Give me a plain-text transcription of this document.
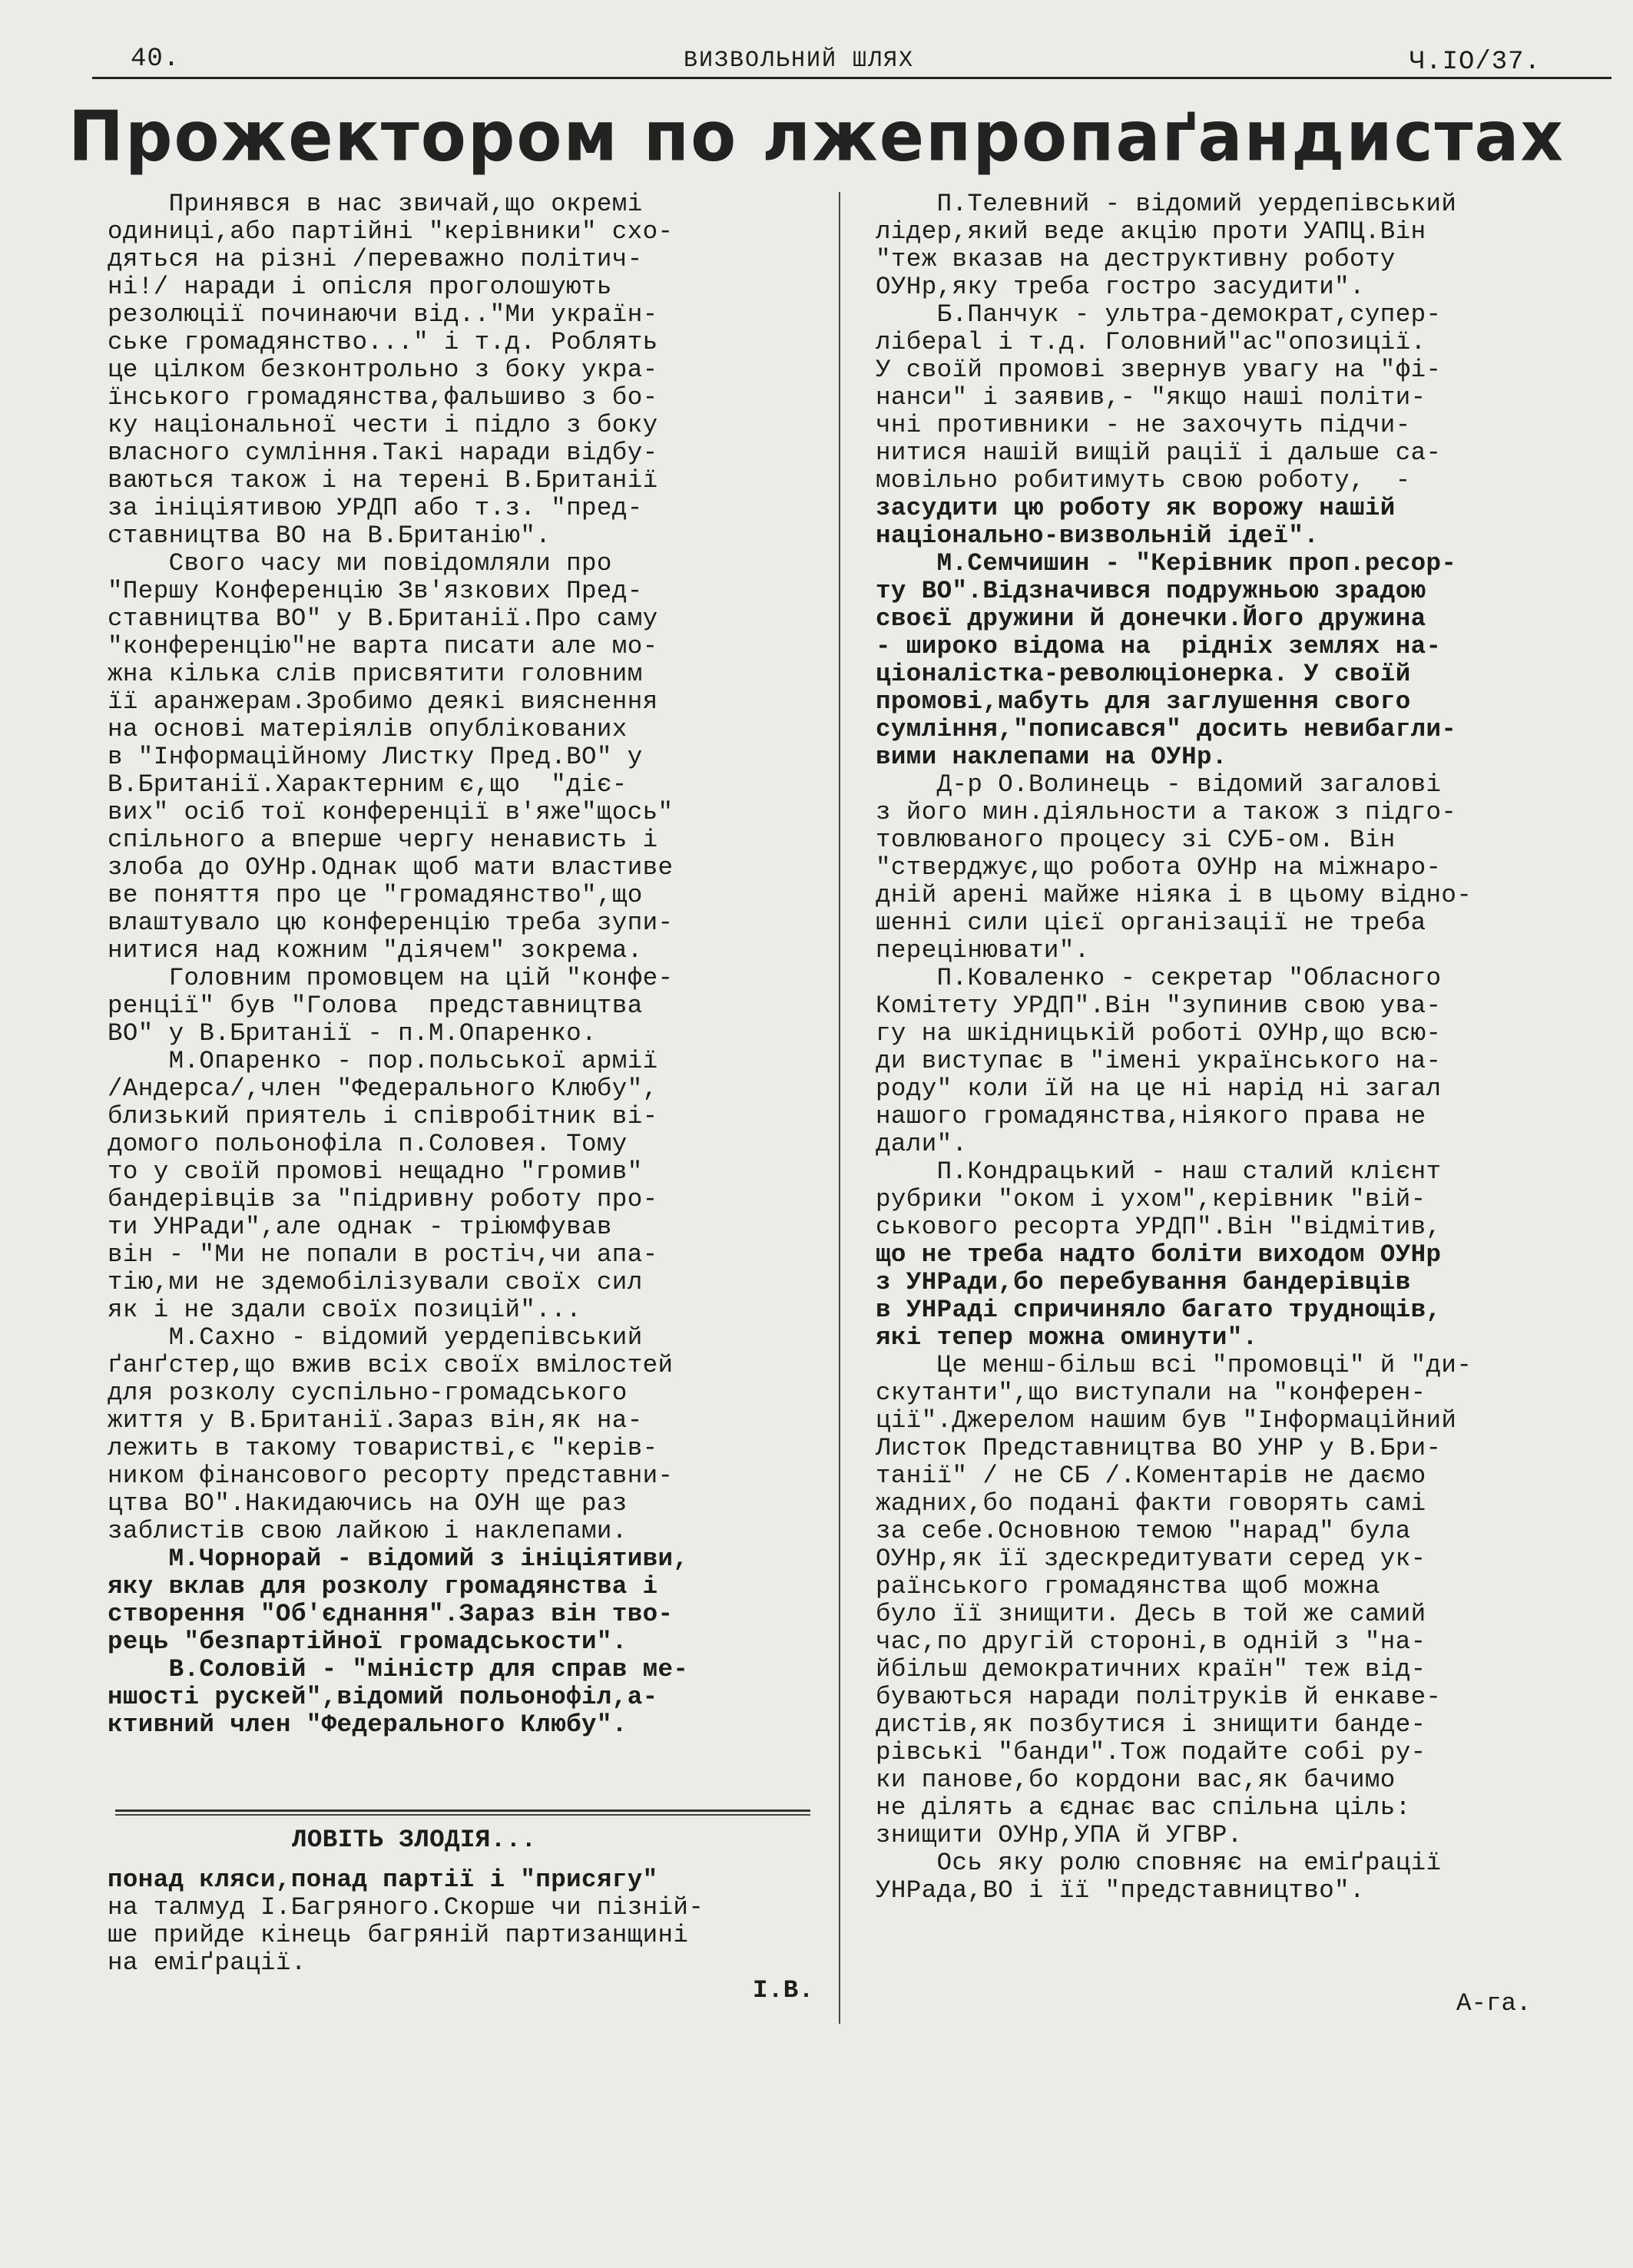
40.	ВИЗВОЛЬНИЙ ШЛЯХ	Ч.IO/37.
Прожектором по лжепропаґандистах

Принявся в нас звичай,що окремі

одиниці,або партійні "керівники" схо-

дяться на різні /переважно політич-

ні!/ наради і опісля проголошують

резолюції починаючи від.."Ми україн-

ське громадянство..." і т.д. Роблять

це цілком безконтрольно з боку укра-

їнського громадянства,фальшиво з бо-

ку національної чести і підло з боку

власного сумління.Такі наради відбу-

ваються також і на терені В.Британії

за ініціятивою УРДП або т.з. "пред-

ставництва ВО на В.Британію".

Свого часу ми повідомляли про

"Першу Конференцію Зв'язкових Пред-

ставництва ВО" у В.Британії.Про саму

"конференцію"не варта писати але мо-

жна кілька слів присвятити головним

її аранжерам.Зробимо деякі вияснення

на основі матеріялів опублікованих

в "Інформаційному Листку Пред.ВО" у

В.Британії.Характерним є,що  "діє-

вих" осіб тої конференції в'яже"щось"

спільного а вперше чергу ненависть і

злоба до ОУНр.Однак щоб мати властиве

ве поняття про це "громадянство",що

влаштувало цю конференцію треба зупи-

нитися над кожним "діячем" зокрема.

Головним промовцем на цій "конфе-

ренції" був "Голова  представництва

ВО" у В.Британії - п.М.Опаренко.

М.Опаренко - пор.польської армії

/Андерса/,член "Федерального Клюбу",

близький приятель і співробітник ві-

домого польонофіла п.Соловея. Тому

то у своїй промові нещадно "громив"

бандерівців за "підривну роботу про-

ти УНРади",але однак - тріюмфував

він - "Ми не попали в ростіч,чи апа-

тію,ми не здемобілізували своїх сил

як і не здали своїх позицій"...

М.Сахно - відомий уердепівський

ґанґстер,що вжив всіх своїх вмілостей

для розколу суспільно-громадського

життя у В.Британії.Зараз він,як на-

лежить в такому товаристві,є "керів-

ником фінансового ресорту представни-

цтва ВО".Накидаючись на ОУН ще раз

заблистів свою лайкою і наклепами.

М.Чорнорай - відомий з ініціятиви,

яку вклав для розколу громадянства і

створення "Об'єднання".Зараз він тво-

рець "безпартійної громадськости".

В.Соловій - "міністр для справ ме-

ншості рускей",відомий польонофіл,а-

ктивний член "Федерального Клюбу".

П.Телевний - відомий уердепівський

лідер,який веде акцію проти УАПЦ.Він

"теж вказав на деструктивну роботу

ОУНр,яку треба гостро засудити".

Б.Панчук - ультра-демократ,супер-

лібераl і т.д. Головний"ас"опозиції.

У своїй промові звернув увагу на "фі-

нанси" і заявив,- "якщо наші політи-

чні противники - не захочуть підчи-

нитися нашій вищій рації і дальше са-

мовільно робитимуть свою роботу,  -

засудити цю роботу як ворожу нашій

національно-визвольній ідеї".

М.Семчишин - "Керівник проп.ресор-

ту ВО".Відзначився подружньою зрадою

своєї дружини й донечки.Його дружина

- широко відома на  рідніх землях на-

ціоналістка-революціонерка. У своїй

промові,мабуть для заглушення свого

сумління,"пописався" досить невибагли-

вими наклепами на ОУНр.

Д-р О.Волинець - відомий загалові

з його мин.діяльности а також з підго-

товлюваного процесу зі СУБ-ом. Він

"стверджує,що робота ОУНр на міжнаро-

дній арені майже ніяка і в цьому відно-

шенні сили цієї організації не треба

перецінювати".

П.Коваленко - секретар "Обласного

Комітету УРДП".Він "зупинив свою ува-

гу на шкідницькій роботі ОУНр,що всю-

ди виступає в "імені українського на-

роду" коли їй на це ні нарід ні загал

нашого громадянства,ніякого права не

дали".

П.Кондрацький - наш сталий клієнт

рубрики "оком і ухом",керівник "вій-

ськового ресорта УРДП".Він "відмітив,

що не треба надто боліти виходом ОУНр

з УНРади,бо перебування бандерівців

в УНРаді спричиняло багато труднощів,

які тепер можна оминути".

Це менш-більш всі "промовці" й "ди-

скутанти",що виступали на "конферен-

ції".Джерелом нашим був "Інформаційний

Листок Представництва ВО УНР у В.Бри-

танії" / не СБ /.Коментарів не даємо

жадних,бо подані факти говорять самі

за себе.Основною темою "нарад" була

ОУНр,як її здескредитувати серед ук-

раїнського громадянства щоб можна

було її знищити. Десь в той же самий

час,по другій стороні,в одній з "на-

йбільш демократичних країн" теж від-

буваються наради політруків й енкаве-

дистів,як позбутися і знищити бандe-

рівські "банди".Тож подайте собі ру-

ки панове,бо кордони вас,як бачимо

не ділять а єднає вас спільна ціль:

знищити ОУНр,УПА й УГВР.

Ось яку ролю сповняє на еміґрації

УНРада,ВО і її "представництво".

ЛОВІТЬ ЗЛОДІЯ...

понад кляси,понад партії і "присягу"

на талмуд I.Багряного.Скорше чи пізній-

ше прийде кінець багряній партизанщині

на еміґрації.

I.B.	А-га.
